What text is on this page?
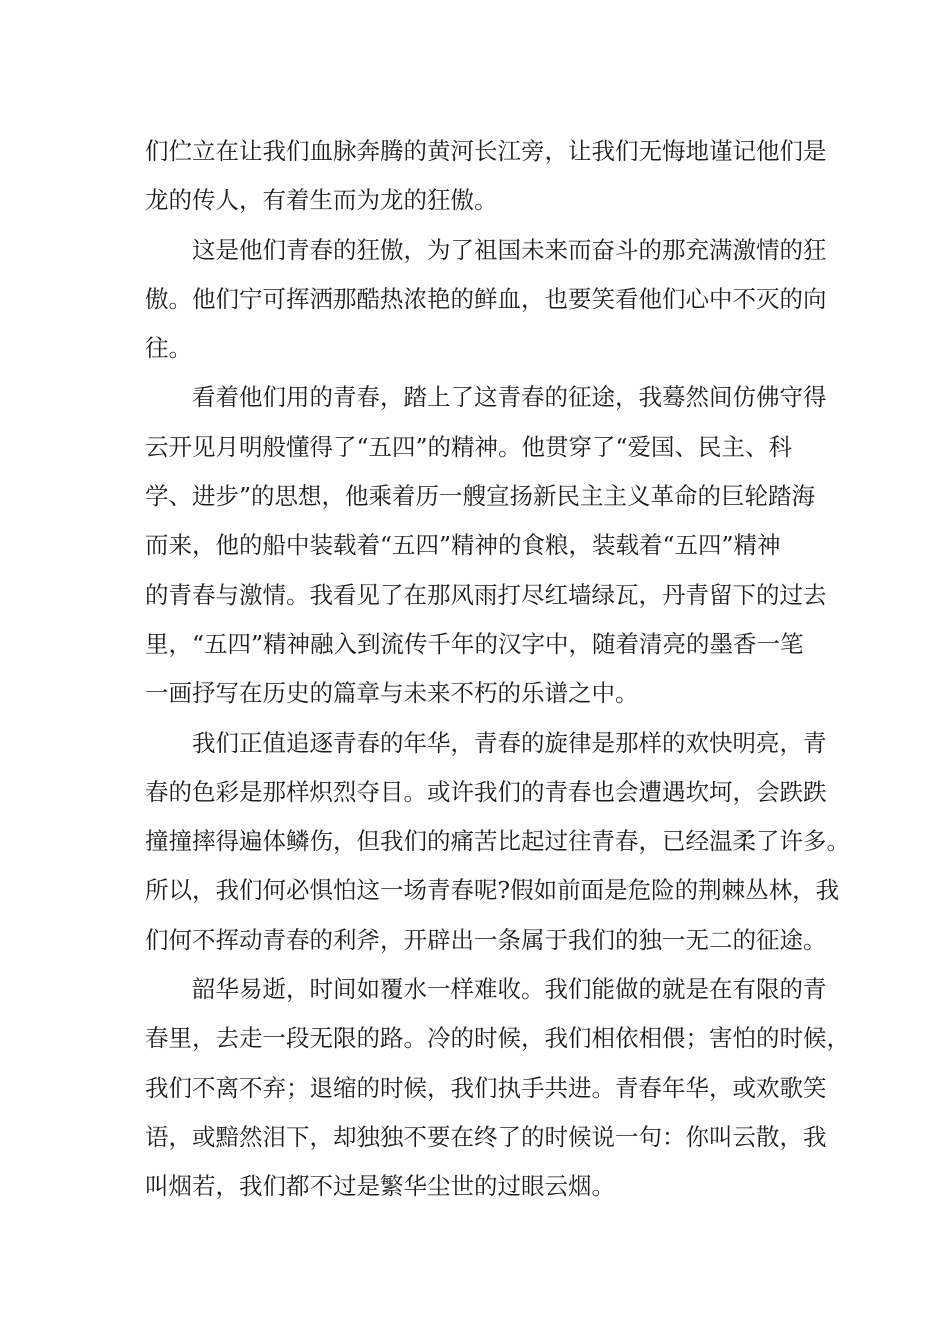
们伫立在让我们血脉奔腾的黄河长江旁，让我们无悔地谨记他们是
龙的传人，有着生而为龙的狂傲。
这是他们青春的狂傲，为了祖国未来而奋斗的那充满激情的狂
傲。他们宁可挥洒那酷热浓艳的鲜血，也要笑看他们心中不灭的向
往。
看着他们用的青春，踏上了这青春的征途，我蓦然间仿佛守得
云开见月明般懂得了“五四”的精神。他贯穿了“爱国、民主、科
学、进步”的思想，他乘着历一艘宣扬新民主主义革命的巨轮踏海
而来，他的船中装载着“五四”精神的食粮，装载着“五四”精神
的青春与激情。我看见了在那风雨打尽红墙绿瓦，丹青留下的过去
里，“五四”精神融入到流传千年的汉字中，随着清亮的墨香一笔
一画抒写在历史的篇章与未来不朽的乐谱之中。
我们正值追逐青春的年华，青春的旋律是那样的欢快明亮，青
春的色彩是那样炽烈夺目。或许我们的青春也会遭遇坎坷，会跌跌
撞撞摔得遍体鳞伤，但我们的痛苦比起过往青春，已经温柔了许多。
所以，我们何必惧怕这一场青春呢?假如前面是危险的荆棘丛林，我
们何不挥动青春的利斧，开辟出一条属于我们的独一无二的征途。
韶华易逝，时间如覆水一样难收。我们能做的就是在有限的青
春里，去走一段无限的路。冷的时候，我们相依相偎；害怕的时候，
我们不离不弃；退缩的时候，我们执手共进。青春年华，或欢歌笑
语，或黯然泪下，却独独不要在终了的时候说一句：你叫云散，我
叫烟若，我们都不过是繁华尘世的过眼云烟。
